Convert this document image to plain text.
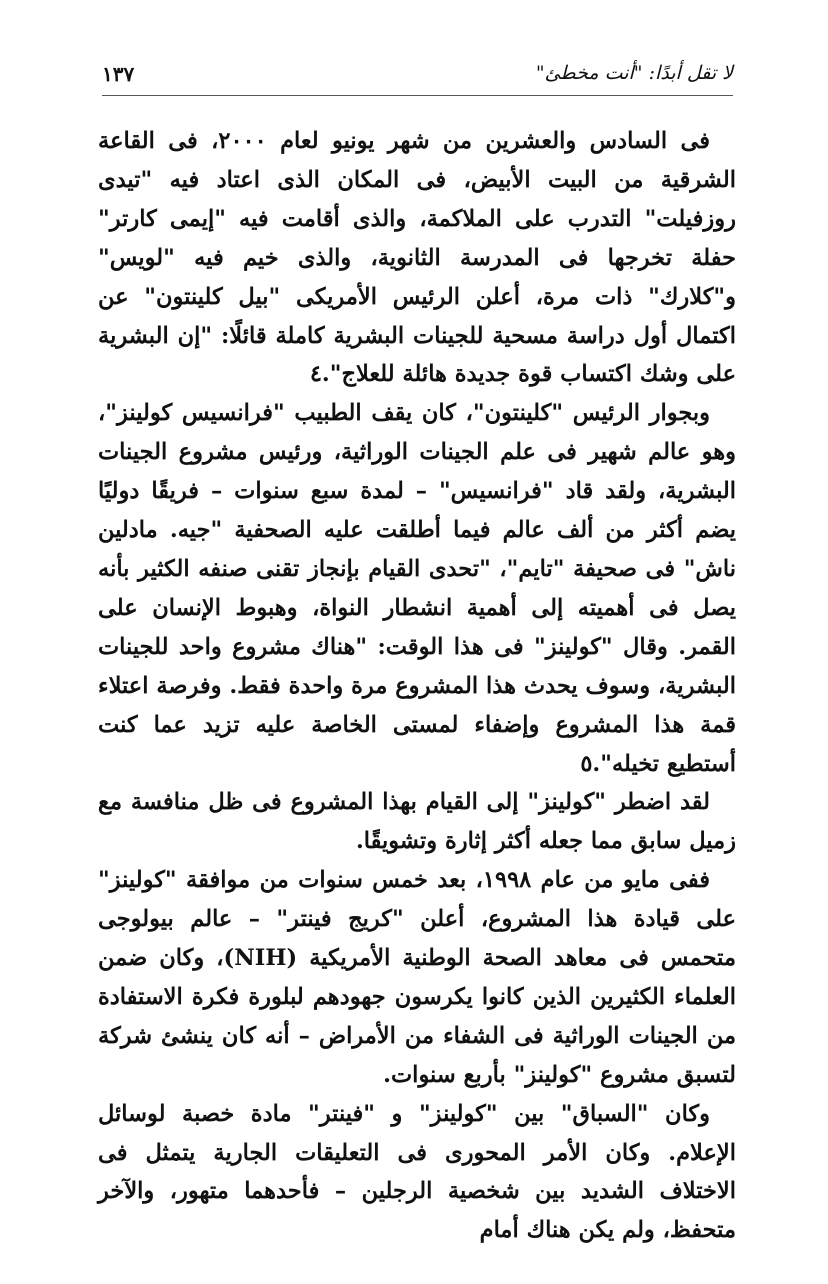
١٣٧	لا تقل أبدًا: "أنت مخطئ"

فى السادس والعشرين من شهر يونيو لعام ٢٠٠٠، فى القاعة الشرقية من البيت الأبيض، فى المكان الذى اعتاد فيه "تيدى روزفيلت" التدرب على الملاكمة، والذى أقامت فيه "إيمى كارتر" حفلة تخرجها فى المدرسة الثانوية، والذى خيم فيه "لويس" و"كلارك" ذات مرة، أعلن الرئيس الأمريكى "بيل كلينتون" عن اكتمال أول دراسة مسحية للجينات البشرية كاملة قائلًا: "إن البشرية على وشك اكتساب قوة جديدة هائلة للعلاج".٤

وبجوار الرئيس "كلينتون"، كان يقف الطبيب "فرانسيس كولينز"، وهو عالم شهير فى علم الجينات الوراثية، ورئيس مشروع الجينات البشرية، ولقد قاد "فرانسيس" – لمدة سبع سنوات – فريقًا دوليًا يضم أكثر من ألف عالم فيما أطلقت عليه الصحفية "جيه. مادلين ناش" فى صحيفة "تايم"، "تحدى القيام بإنجاز تقنى صنفه الكثير بأنه يصل فى أهميته إلى أهمية انشطار النواة، وهبوط الإنسان على القمر. وقال "كولينز" فى هذا الوقت: "هناك مشروع واحد للجينات البشرية، وسوف يحدث هذا المشروع مرة واحدة فقط. وفرصة اعتلاء قمة هذا المشروع وإضفاء لمستى الخاصة عليه تزيد عما كنت أستطيع تخيله".٥

لقد اضطر "كولينز" إلى القيام بهذا المشروع فى ظل منافسة مع زميل سابق مما جعله أكثر إثارة وتشويقًا.

ففى مايو من عام ١٩٩٨، بعد خمس سنوات من موافقة "كولينز" على قيادة هذا المشروع، أعلن "كريج فينتر" – عالم بيولوجى متحمس فى معاهد الصحة الوطنية الأمريكية (NIH)، وكان ضمن العلماء الكثيرين الذين كانوا يكرسون جهودهم لبلورة فكرة الاستفادة من الجينات الوراثية فى الشفاء من الأمراض – أنه كان ينشئ شركة لتسبق مشروع "كولينز" بأربع سنوات.

وكان "السباق" بين "كولينز" و "فينتر" مادة خصبة لوسائل الإعلام. وكان الأمر المحورى فى التعليقات الجارية يتمثل فى الاختلاف الشديد بين شخصية الرجلين – فأحدهما متهور، والآخر متحفظ، ولم يكن هناك أمام
